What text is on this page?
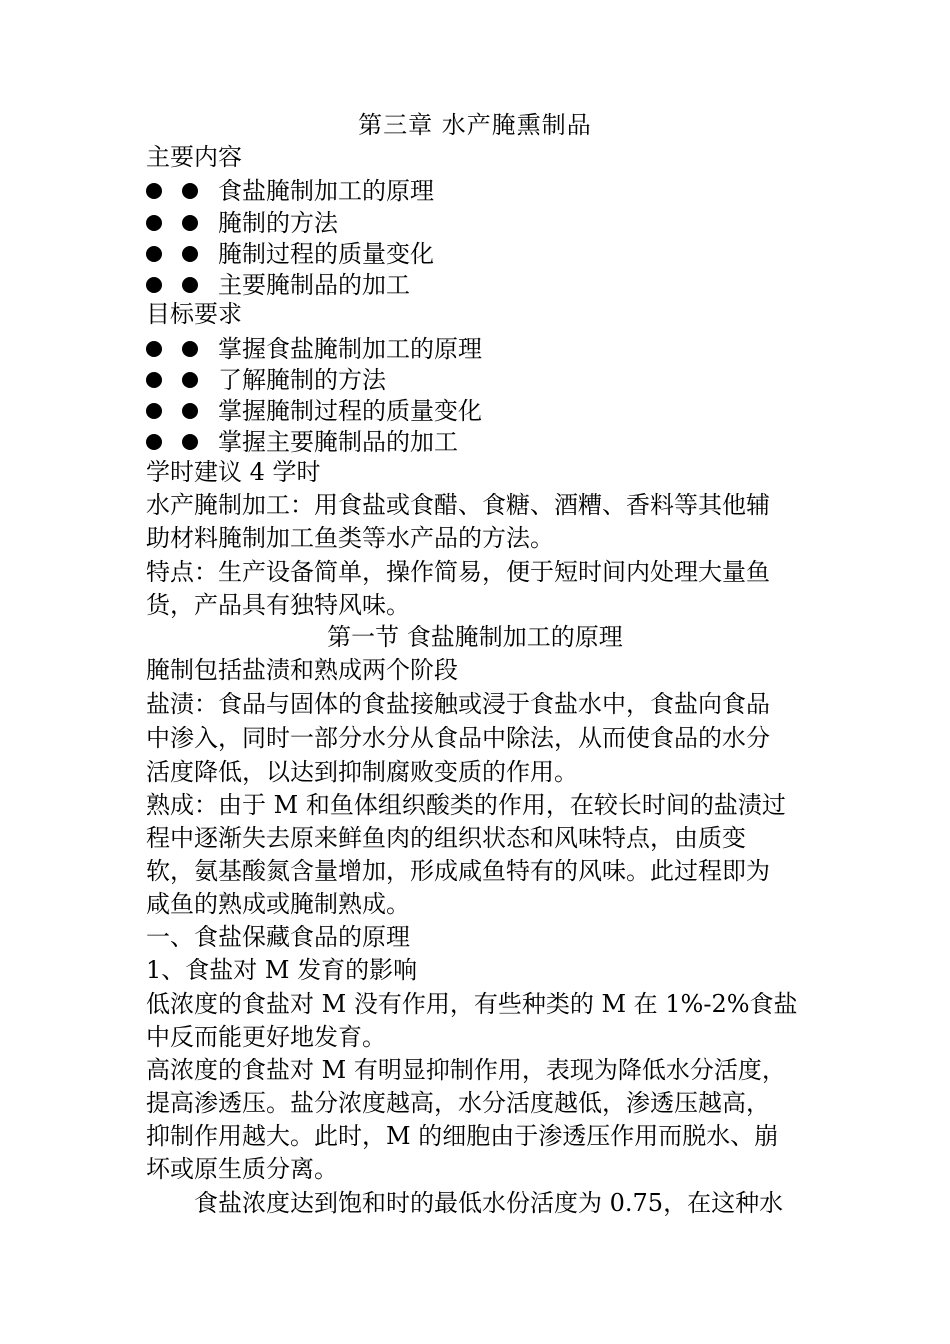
第三章 水产腌熏制品
主要内容
食盐腌制加工的原理
腌制的方法
腌制过程的质量变化
主要腌制品的加工
目标要求
掌握食盐腌制加工的原理
了解腌制的方法
掌握腌制过程的质量变化
掌握主要腌制品的加工
学时建议 4 学时
水产腌制加工：用食盐或食醋、食糖、酒糟、香料等其他辅
助材料腌制加工鱼类等水产品的方法。
特点：生产设备简单，操作简易，便于短时间内处理大量鱼
货，产品具有独特风味。
第一节 食盐腌制加工的原理
腌制包括盐渍和熟成两个阶段
盐渍：食品与固体的食盐接触或浸于食盐水中，食盐向食品
中渗入，同时一部分水分从食品中除法，从而使食品的水分
活度降低，以达到抑制腐败变质的作用。
熟成：由于 M 和鱼体组织酸类的作用，在较长时间的盐渍过
程中逐渐失去原来鲜鱼肉的组织状态和风味特点，由质变
软，氨基酸氮含量增加，形成咸鱼特有的风味。此过程即为
咸鱼的熟成或腌制熟成。
一、食盐保藏食品的原理
1、食盐对 M 发育的影响
低浓度的食盐对 M 没有作用，有些种类的 M 在 1%-2%食盐
中反而能更好地发育。
高浓度的食盐对 M 有明显抑制作用，表现为降低水分活度，
提高渗透压。盐分浓度越高，水分活度越低，渗透压越高，
抑制作用越大。此时，M 的细胞由于渗透压作用而脱水、崩
坏或原生质分离。
食盐浓度达到饱和时的最低水份活度为 0.75，在这种水
